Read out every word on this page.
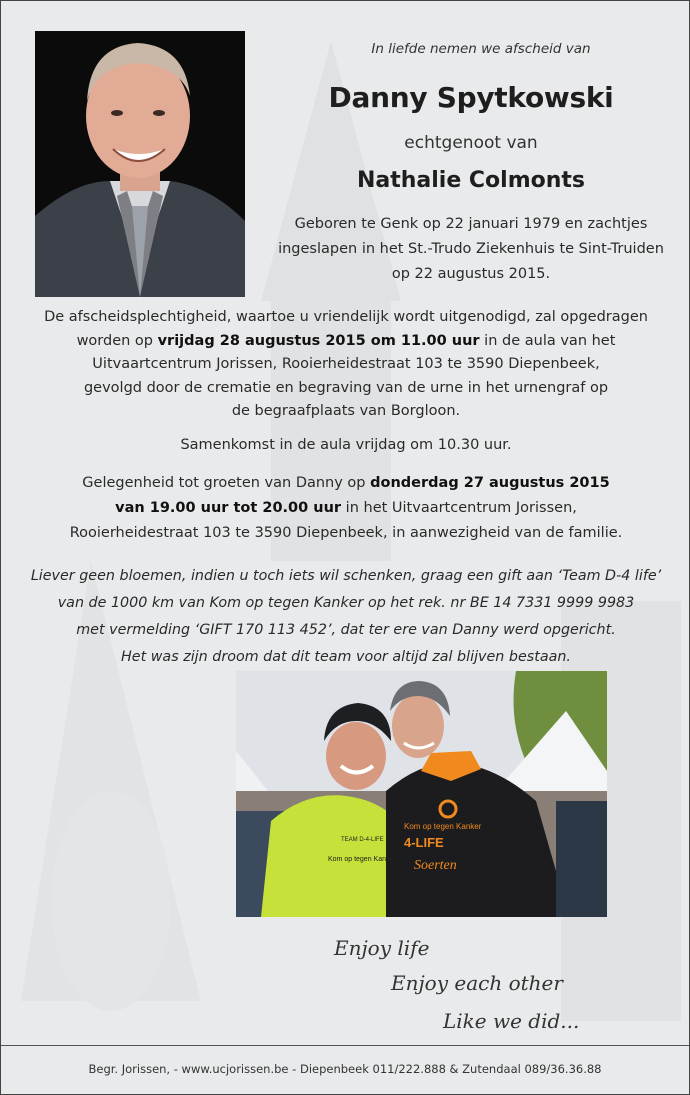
In liefde nemen we afscheid van
Danny Spytkowski
echtgenoot van
Nathalie Colmonts
Geboren te Genk op 22 januari 1979 en zachtjes
ingeslapen in het St.-Trudo Ziekenhuis te Sint-Truiden
op 22 augustus 2015.
De afscheidsplechtigheid, waartoe u vriendelijk wordt uitgenodigd, zal opgedragen
worden op vrijdag 28 augustus 2015 om 11.00 uur in de aula van het
Uitvaartcentrum Jorissen, Rooierheidestraat 103 te 3590 Diepenbeek,
gevolgd door de crematie en begraving van de urne in het urnengraf op
de begraafplaats van Borgloon.
Samenkomst in de aula vrijdag om 10.30 uur.
Gelegenheid tot groeten van Danny op donderdag 27 augustus 2015
van 19.00 uur tot 20.00 uur in het Uitvaartcentrum Jorissen,
Rooierheidestraat 103 te 3590 Diepenbeek, in aanwezigheid van de familie.
Liever geen bloemen, indien u toch iets wil schenken, graag een gift aan ‘Team D-4 life’
van de 1000 km van Kom op tegen Kanker op het rek. nr BE 14 7331 9999 9983
met vermelding ‘GIFT 170 113 452’, dat ter ere van Danny werd opgericht.
Het was zijn droom dat dit team voor altijd zal blijven bestaan.
TEAM D-4-LIFE
Kom op tegen Kanker
Kom op tegen Kanker
4-LIFE
Soerten
Enjoy life
Enjoy each other
Like we did...
Begr. Jorissen, - www.ucjorissen.be - Diepenbeek 011/222.888 & Zutendaal 089/36.36.88
